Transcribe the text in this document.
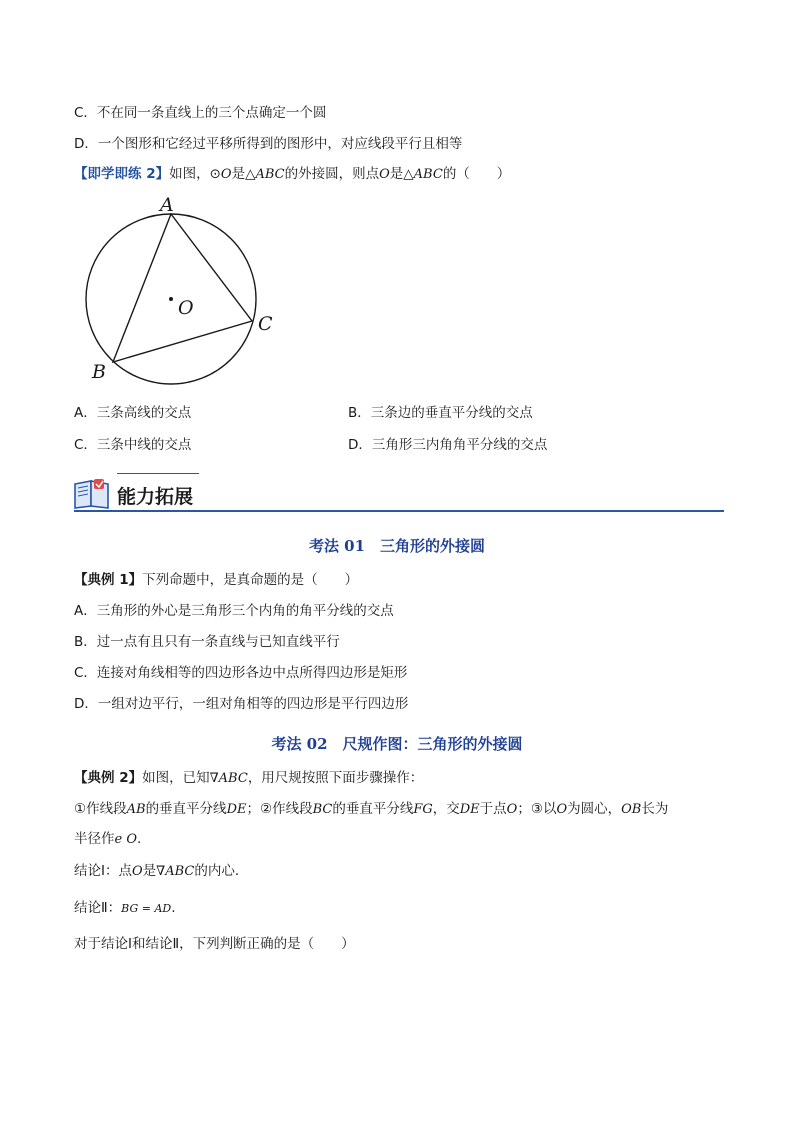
C．不在同一条直线上的三个点确定一个圆
D．一个图形和它经过平移所得到的图形中，对应线段平行且相等
【即学即练 2】如图，⊙O是△ABC的外接圆，则点O是△ABC的（　　）
A
B
C
O
A．三条高线的交点	B．三条边的垂直平分线的交点
C．三条中线的交点	D．三角形三内角角平分线的交点
能力拓展
考法 01　三角形的外接圆
【典例 1】下列命题中，是真命题的是（　　）
A．三角形的外心是三角形三个内角的角平分线的交点
B．过一点有且只有一条直线与已知直线平行
C．连接对角线相等的四边形各边中点所得四边形是矩形
D．一组对边平行，一组对角相等的四边形是平行四边形
考法 02　尺规作图：三角形的外接圆
【典例 2】如图，已知∇ABC，用尺规按照下面步骤操作：
①作线段AB的垂直平分线DE；②作线段BC的垂直平分线FG，交DE于点O；③以O为圆心，OB长为
半径作e O.
结论Ⅰ：点O是∇ABC的内心．
结论Ⅱ：BG = AD.
对于结论Ⅰ和结论Ⅱ，下列判断正确的是（　　）
